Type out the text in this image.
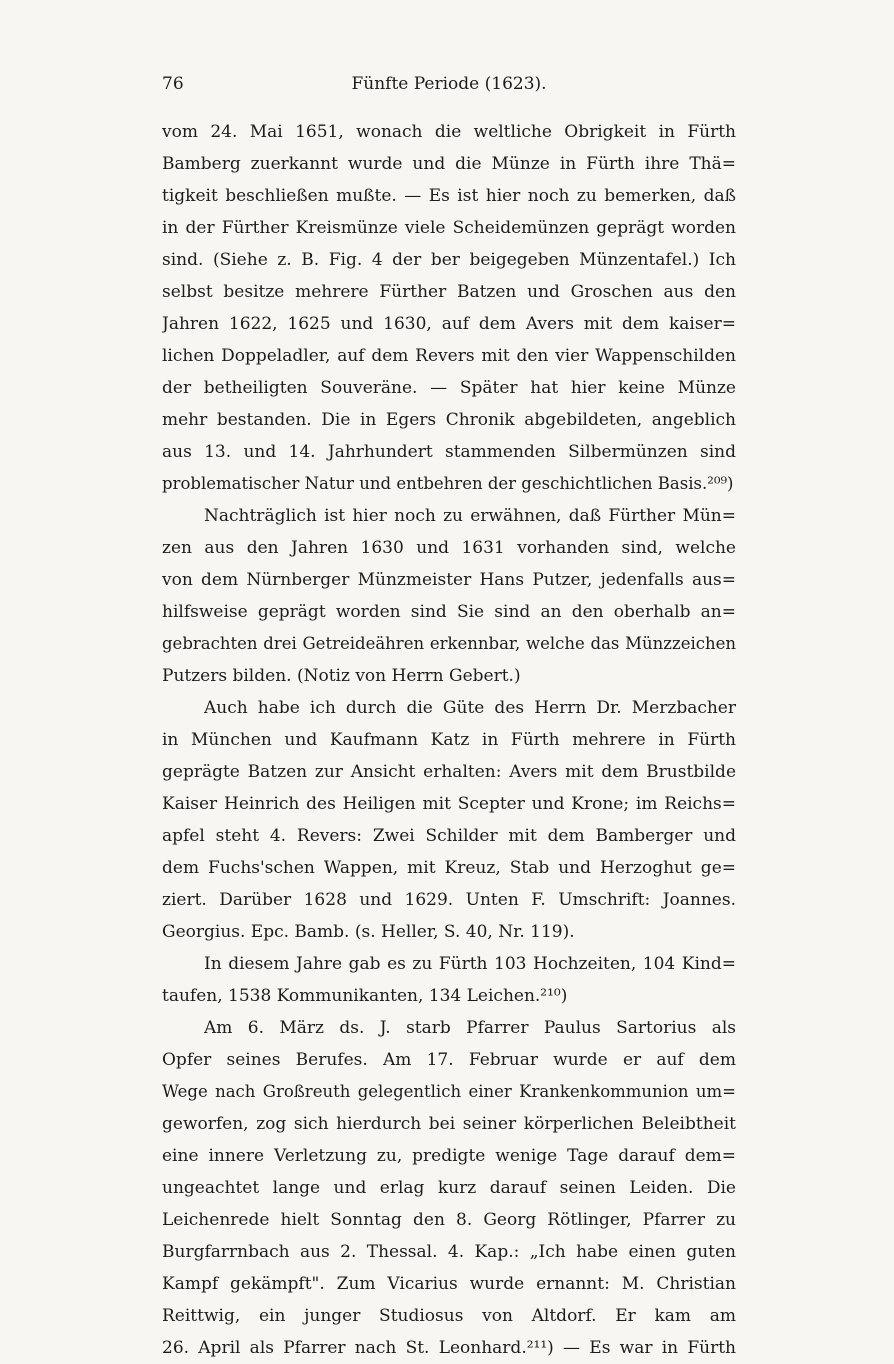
76	Fünfte Periode (1623).
vom 24. Mai 1651, wonach die weltliche Obrigkeit in Fürth
Bamberg zuerkannt wurde und die Münze in Fürth ihre Thä=
tigkeit beschließen mußte. — Es ist hier noch zu bemerken, daß
in der Fürther Kreismünze viele Scheidemünzen geprägt worden
sind. (Siehe z. B. Fig. 4 der ber beigegeben Münzentafel.) Ich
selbst besitze mehrere Fürther Batzen und Groschen aus den
Jahren 1622, 1625 und 1630, auf dem Avers mit dem kaiser=
lichen Doppeladler, auf dem Revers mit den vier Wappenschilden
der betheiligten Souveräne. — Später hat hier keine Münze
mehr bestanden. Die in Egers Chronik abgebildeten, angeblich
aus 13. und 14. Jahrhundert stammenden Silbermünzen sind
problematischer Natur und entbehren der geschichtlichen Basis.²⁰⁹)
Nachträglich ist hier noch zu erwähnen, daß Fürther Mün=
zen aus den Jahren 1630 und 1631 vorhanden sind, welche
von dem Nürnberger Münzmeister Hans Putzer, jedenfalls aus=
hilfsweise geprägt worden sind Sie sind an den oberhalb an=
gebrachten drei Getreideähren erkennbar, welche das Münzzeichen
Putzers bilden. (Notiz von Herrn Gebert.)
Auch habe ich durch die Güte des Herrn Dr. Merzbacher
in München und Kaufmann Katz in Fürth mehrere in Fürth
geprägte Batzen zur Ansicht erhalten: Avers mit dem Brustbilde
Kaiser Heinrich des Heiligen mit Scepter und Krone; im Reichs=
apfel steht 4. Revers: Zwei Schilder mit dem Bamberger und
dem Fuchs'schen Wappen, mit Kreuz, Stab und Herzoghut ge=
ziert. Darüber 1628 und 1629. Unten F. Umschrift: Joannes.
Georgius. Epc. Bamb. (s. Heller, S. 40, Nr. 119).
In diesem Jahre gab es zu Fürth 103 Hochzeiten, 104 Kind=
taufen, 1538 Kommunikanten, 134 Leichen.²¹⁰)
Am 6. März ds. J. starb Pfarrer Paulus Sartorius als
Opfer seines Berufes. Am 17. Februar wurde er auf dem
Wege nach Großreuth gelegentlich einer Krankenkommunion um=
geworfen, zog sich hierdurch bei seiner körperlichen Beleibtheit
eine innere Verletzung zu, predigte wenige Tage darauf dem=
ungeachtet lange und erlag kurz darauf seinen Leiden. Die
Leichenrede hielt Sonntag den 8. Georg Rötlinger, Pfarrer zu
Burgfarrnbach aus 2. Thessal. 4. Kap.: „Ich habe einen guten
Kampf gekämpft". Zum Vicarius wurde ernannt: M. Christian
Reittwig, ein junger Studiosus von Altdorf. Er kam am
26. April als Pfarrer nach St. Leonhard.²¹¹) — Es war in Fürth
